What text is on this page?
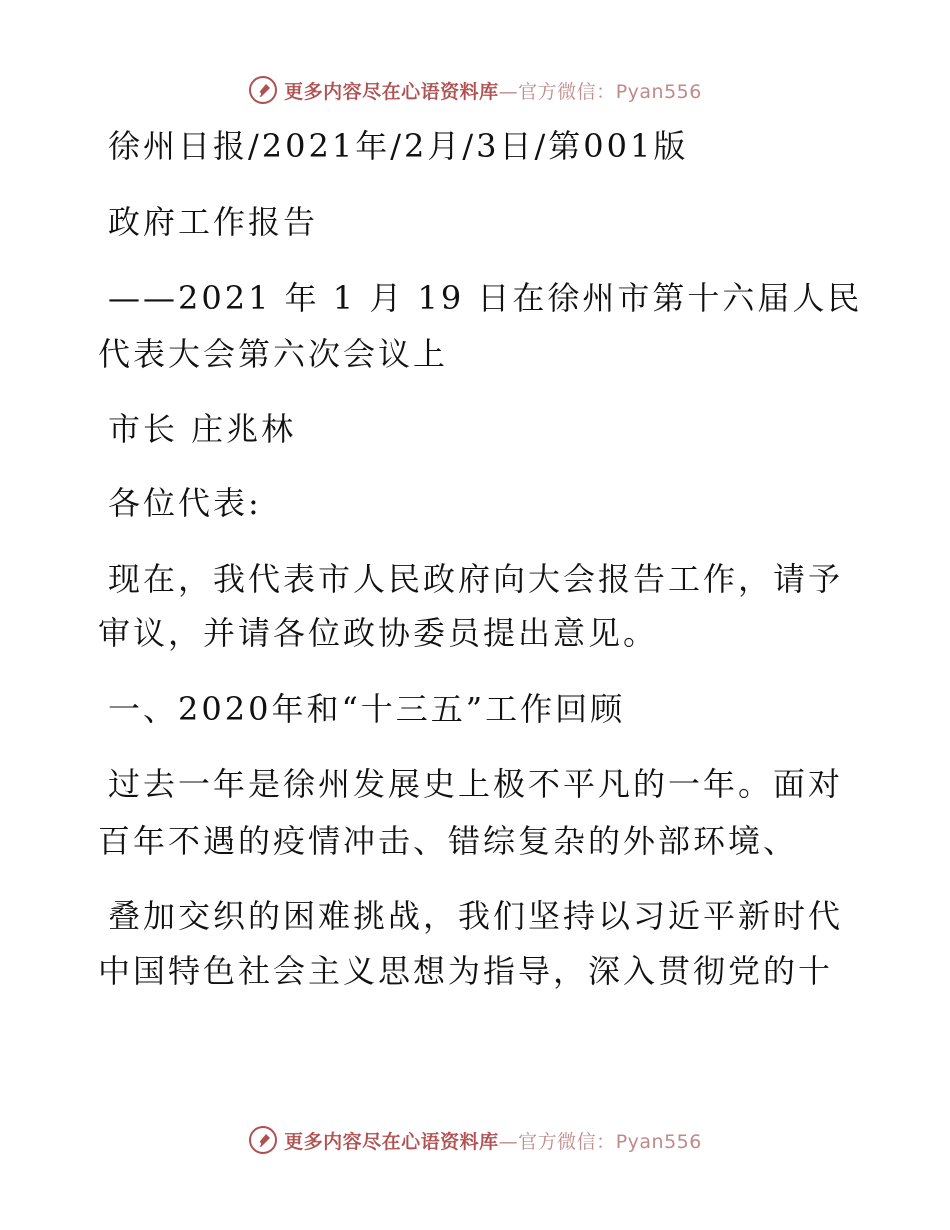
更多内容尽在心语资料库—官方微信：Pyan556
徐州日报/2021年/2月/3日/第001版
政府工作报告
——2021 年 1 月 19 日在徐州市第十六届人民
代表大会第六次会议上
市长 庄兆林
各位代表:
现在，我代表市人民政府向大会报告工作，请予
审议，并请各位政协委员提出意见。
一、2020年和“十三五”工作回顾
过去一年是徐州发展史上极不平凡的一年。面对
百年不遇的疫情冲击、错综复杂的外部环境、
叠加交织的困难挑战，我们坚持以习近平新时代
中国特色社会主义思想为指导，深入贯彻党的十
更多内容尽在心语资料库—官方微信：Pyan556
